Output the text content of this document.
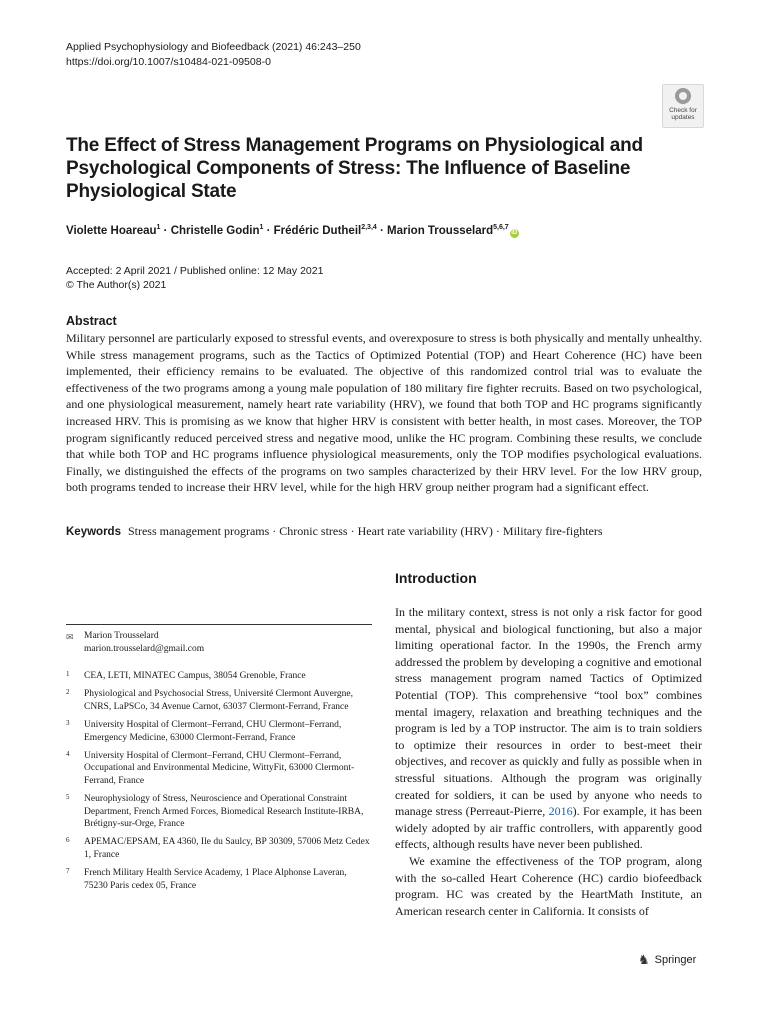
Applied Psychophysiology and Biofeedback (2021) 46:243–250
https://doi.org/10.1007/s10484-021-09508-0
Check for
updates
The Effect of Stress Management Programs on Physiological and Psychological Components of Stress: The Influence of Baseline Physiological State
Violette Hoareau$^1$ · Christelle Godin$^1$ · Frédéric Dutheil$^{2,3,4}$ · Marion Trousselard$^{5,6,7}$iD
Accepted: 2 April 2021 / Published online: 12 May 2021
© The Author(s) 2021
Abstract
Military personnel are particularly exposed to stressful events, and overexposure to stress is both physically and mentally unhealthy. While stress management programs, such as the Tactics of Optimized Potential (TOP) and Heart Coherence (HC) have been implemented, their efficiency remains to be evaluated. The objective of this randomized control trial was to evaluate the effectiveness of the two programs among a young male population of 180 military fire fighter recruits. Based on two psychological, and one physiological measurement, namely heart rate variability (HRV), we found that both TOP and HC programs significantly increased HRV. This is promising as we know that higher HRV is consistent with better health, in most cases. Moreover, the TOP program significantly reduced perceived stress and negative mood, unlike the HC program. Combining these results, we conclude that while both TOP and HC programs influence physiological measurements, only the TOP modifies psychological evaluations. Finally, we distinguished the effects of the programs on two samples characterized by their HRV level. For the low HRV group, both programs tended to increase their HRV level, while for the high HRV group neither program had a significant effect.
Keywords Stress management programs · Chronic stress · Heart rate variability (HRV) · Military fire-fighters
Introduction

In the military context, stress is not only a risk factor for good mental, physical and biological functioning, but also a major limiting operational factor. In the 1990s, the French army addressed the problem by developing a cognitive and emotional stress management program named Tactics of Optimized Potential (TOP). This comprehensive “tool box” combines mental imagery, relaxation and breathing techniques and the program is led by a TOP instructor. The aim is to train soldiers to optimize their resources in order to best-meet their objectives, and recover as quickly and fully as possible when in stressful situations. Although the program was originally created for soldiers, it can be used by anyone who needs to manage stress (Perreaut-Pierre, 2016). For example, it has been widely adopted by air traffic controllers, with apparently good effects, although results have never been published.

We examine the effectiveness of the TOP program, along with the so-called Heart Coherence (HC) cardio biofeedback program. HC was created by the HeartMath Institute, an American research center in California. It consists of

✉ Marion Trousselard
marion.trousselard@gmail.com
1 CEA, LETI, MINATEC Campus, 38054 Grenoble, France
2 Physiological and Psychosocial Stress, Université Clermont Auvergne, CNRS, LaPSCo, 34 Avenue Carnot, 63037 Clermont-Ferrand, France
3 University Hospital of Clermont–Ferrand, CHU Clermont–Ferrand, Emergency Medicine, 63000 Clermont-Ferrand, France
4 University Hospital of Clermont–Ferrand, CHU Clermont–Ferrand, Occupational and Environmental Medicine, WittyFit, 63000 Clermont-Ferrand, France
5 Neurophysiology of Stress, Neuroscience and Operational Constraint Department, French Armed Forces, Biomedical Research Institute-IRBA, Brétigny-sur-Orge, France
6 APEMAC/EPSAM, EA 4360, Ile du Saulcy, BP 30309, 57006 Metz Cedex 1, France
7 French Military Health Service Academy, 1 Place Alphonse Laveran, 75230 Paris cedex 05, France
♞ Springer
